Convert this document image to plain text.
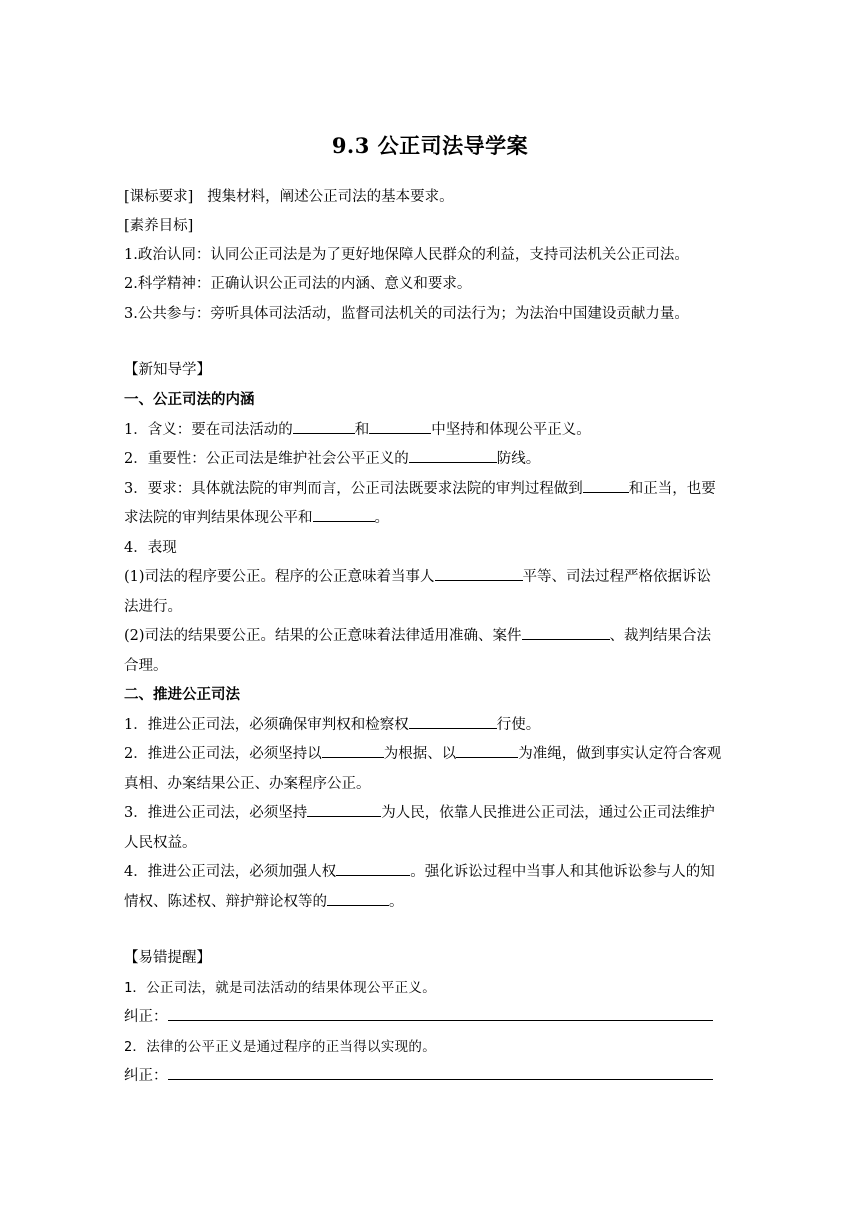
9.3 公正司法导学案
[课标要求] 搜集材料，阐述公正司法的基本要求。
[素养目标]
1.政治认同：认同公正司法是为了更好地保障人民群众的利益，支持司法机关公正司法。
2.科学精神：正确认识公正司法的内涵、意义和要求。
3.公共参与：旁听具体司法活动，监督司法机关的司法行为；为法治中国建设贡献力量。
【新知导学】
一、公正司法的内涵
1．含义：要在司法活动的	和	中坚持和体现公平正义。
2．重要性：公正司法是维护社会公平正义的	防线。
3．要求：具体就法院的审判而言，公正司法既要求法院的审判过程做到	和正当，也要
求法院的审判结果体现公平和	。
4．表现
(1)司法的程序要公正。程序的公正意味着当事人	平等、司法过程严格依据诉讼
法进行。
(2)司法的结果要公正。结果的公正意味着法律适用准确、案件	、裁判结果合法
合理。
二、推进公正司法
1．推进公正司法，必须确保审判权和检察权	行使。
2．推进公正司法，必须坚持以	为根据、以	为准绳，做到事实认定符合客观
真相、办案结果公正、办案程序公正。
3．推进公正司法，必须坚持	为人民，依靠人民推进公正司法，通过公正司法维护
人民权益。
4．推进公正司法，必须加强人权	。强化诉讼过程中当事人和其他诉讼参与人的知
情权、陈述权、辩护辩论权等的	。
【易错提醒】
1．公正司法，就是司法活动的结果体现公平正义。
纠正：
2．法律的公平正义是通过程序的正当得以实现的。
纠正：
